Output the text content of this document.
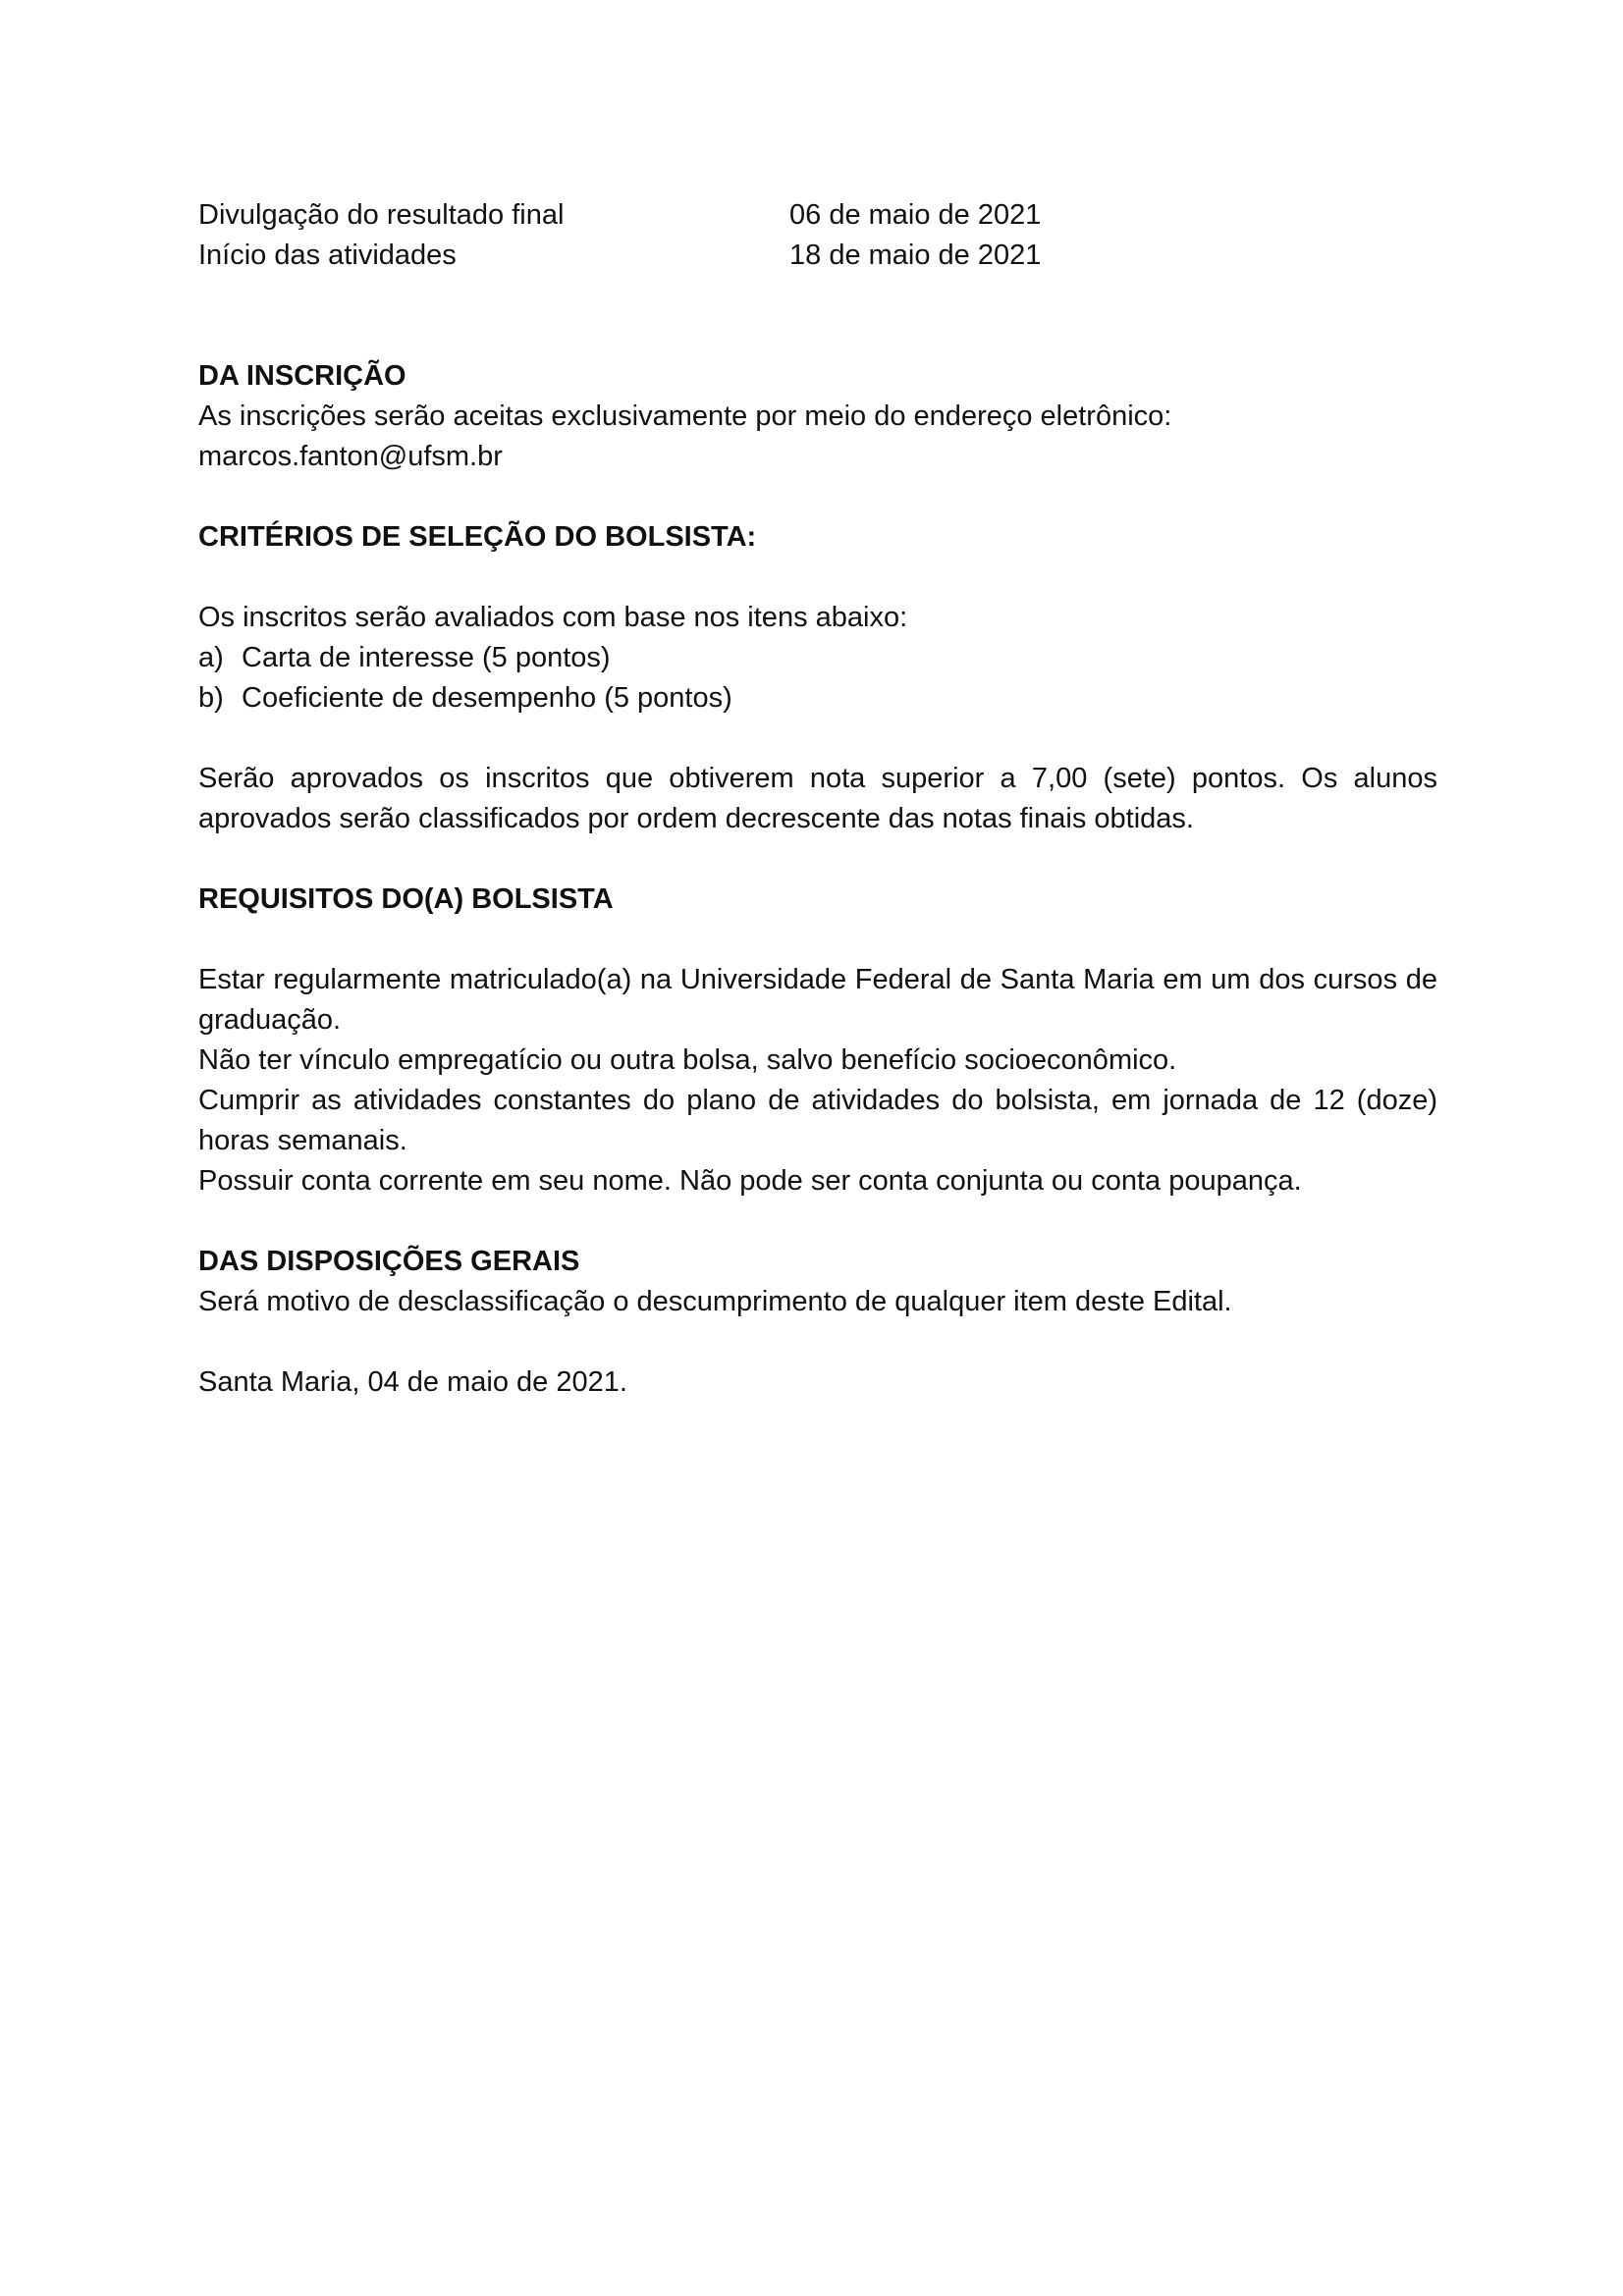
Divulgação do resultado final	06 de maio de 2021
Início das atividades	18 de maio de 2021

DA INSCRIÇÃO

As inscrições serão aceitas exclusivamente por meio do endereço eletrônico:

marcos.fanton@ufsm.br

CRITÉRIOS DE SELEÇÃO DO BOLSISTA:

Os inscritos serão avaliados com base nos itens abaixo:

a) Carta de interesse (5 pontos)
b) Coeficiente de desempenho (5 pontos)

Serão aprovados os inscritos que obtiverem nota superior a 7,00 (sete) pontos. Os alunos aprovados serão classificados por ordem decrescente das notas finais obtidas.

REQUISITOS DO(A) BOLSISTA

Estar regularmente matriculado(a) na Universidade Federal de Santa Maria em um dos cursos de graduação.

Não ter vínculo empregatício ou outra bolsa, salvo benefício socioeconômico.

Cumprir as atividades constantes do plano de atividades do bolsista, em jornada de 12 (doze) horas semanais.

Possuir conta corrente em seu nome. Não pode ser conta conjunta ou conta poupança.

DAS DISPOSIÇÕES GERAIS

Será motivo de desclassificação o descumprimento de qualquer item deste Edital.

Santa Maria, 04 de maio de 2021.
